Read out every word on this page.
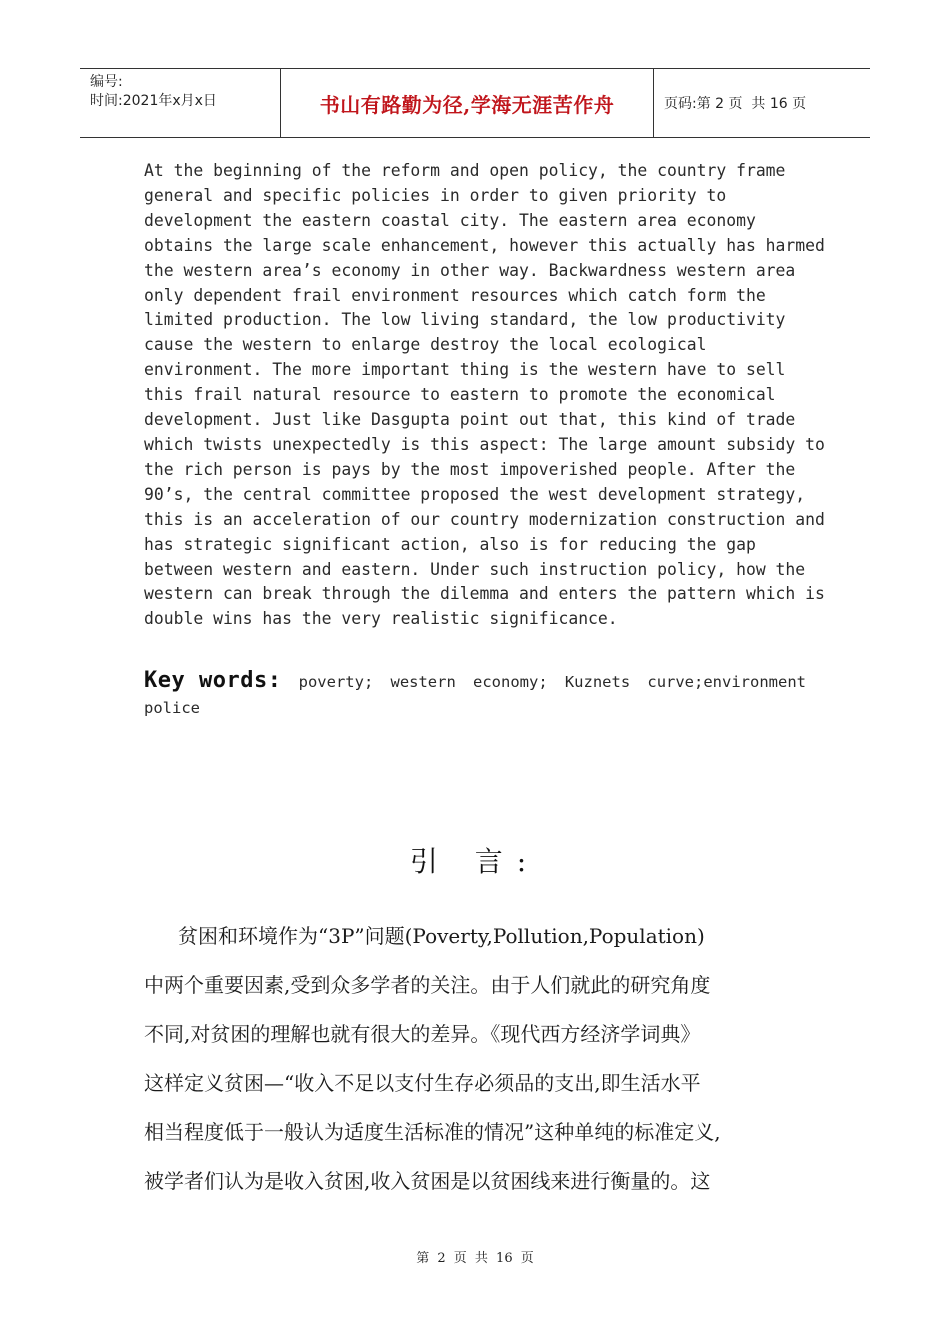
编号:
时间:2021年x月x日	书山有路勤为径,学海无涯苦作舟	页码:第 2 页  共 16 页

At the beginning of the reform and open policy, the country frame

general and specific policies in order to given priority to

development the eastern coastal city. The eastern area economy

obtains the large scale enhancement, however this actually has harmed

the western area’s economy in other way. Backwardness western area

only dependent frail environment resources which catch form the

limited production. The low living standard, the low productivity

cause the western to enlarge destroy the local ecological

environment. The more important thing is the western have to sell

this frail natural resource to eastern to promote the economical

development. Just like Dasgupta point out that, this kind of trade

which twists unexpectedly is this aspect: The large amount subsidy to

the rich person is pays by the most impoverished people. After the

90’s, the central committee proposed the west development strategy,

this is an acceleration of our country modernization construction and

has strategic significant action, also is for reducing the gap

between western and eastern. Under such instruction policy, how the

western can break through the dilemma and enters the pattern which is

double wins has the very realistic significance.

Key words: poverty; western economy; Kuznets curve;environment
police
引 言:

贫困和环境作为“3P”问题(Poverty,Pollution,Population)

中两个重要因素,受到众多学者的关注。由于人们就此的研究角度

不同,对贫困的理解也就有很大的差异。《现代西方经济学词典》

这样定义贫困—“收入不足以支付生存必须品的支出,即生活水平

相当程度低于一般认为适度生活标准的情况”这种单纯的标准定义,

被学者们认为是收入贫困,收入贫困是以贫困线来进行衡量的。这

第 2 页 共 16 页
